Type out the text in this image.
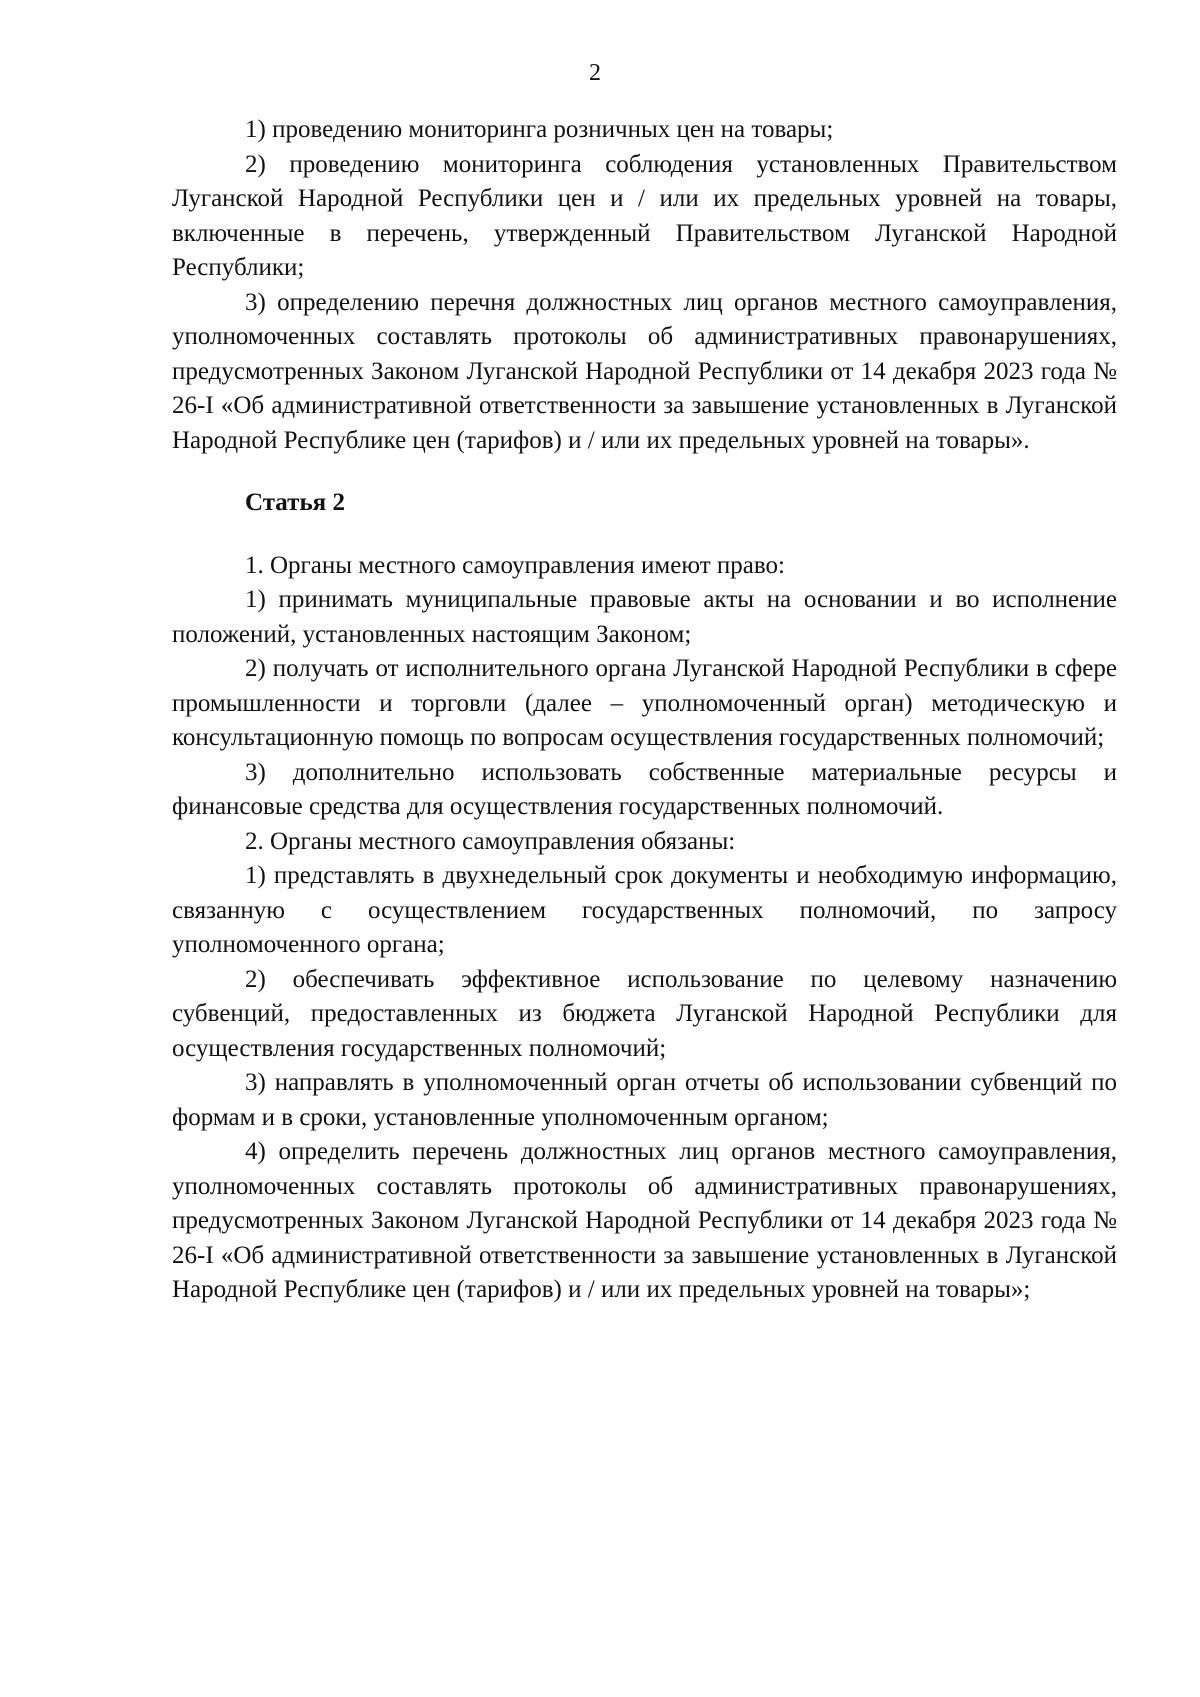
2

1) проведению мониторинга розничных цен на товары;

2) проведению мониторинга соблюдения установленных Правительством Луганской Народной Республики цен и / или их предельных уровней на товары, включенные в перечень, утвержденный Правительством Луганской Народной Республики;

3) определению перечня должностных лиц органов местного самоуправления, уполномоченных составлять протоколы об административных правонарушениях, предусмотренных Законом Луганской Народной Республики от 14 декабря 2023 года № 26-I «Об административной ответственности за завышение установленных в Луганской Народной Республике цен (тарифов) и / или их предельных уровней на товары».

Статья 2

1. Органы местного самоуправления имеют право:

1) принимать муниципальные правовые акты на основании и во исполнение положений, установленных настоящим Законом;

2) получать от исполнительного органа Луганской Народной Республики в сфере промышленности и торговли (далее – уполномоченный орган) методическую и консультационную помощь по вопросам осуществления государственных полномочий;

3) дополнительно использовать собственные материальные ресурсы и финансовые средства для осуществления государственных полномочий.

2. Органы местного самоуправления обязаны:

1) представлять в двухнедельный срок документы и необходимую информацию, связанную с осуществлением государственных полномочий, по запросу уполномоченного органа;

2) обеспечивать эффективное использование по целевому назначению субвенций, предоставленных из бюджета Луганской Народной Республики для осуществления государственных полномочий;

3) направлять в уполномоченный орган отчеты об использовании субвенций по формам и в сроки, установленные уполномоченным органом;

4) определить перечень должностных лиц органов местного самоуправления, уполномоченных составлять протоколы об административных правонарушениях, предусмотренных Законом Луганской Народной Республики от 14 декабря 2023 года № 26-I «Об административной ответственности за завышение установленных в Луганской Народной Республике цен (тарифов) и / или их предельных уровней на товары»;
